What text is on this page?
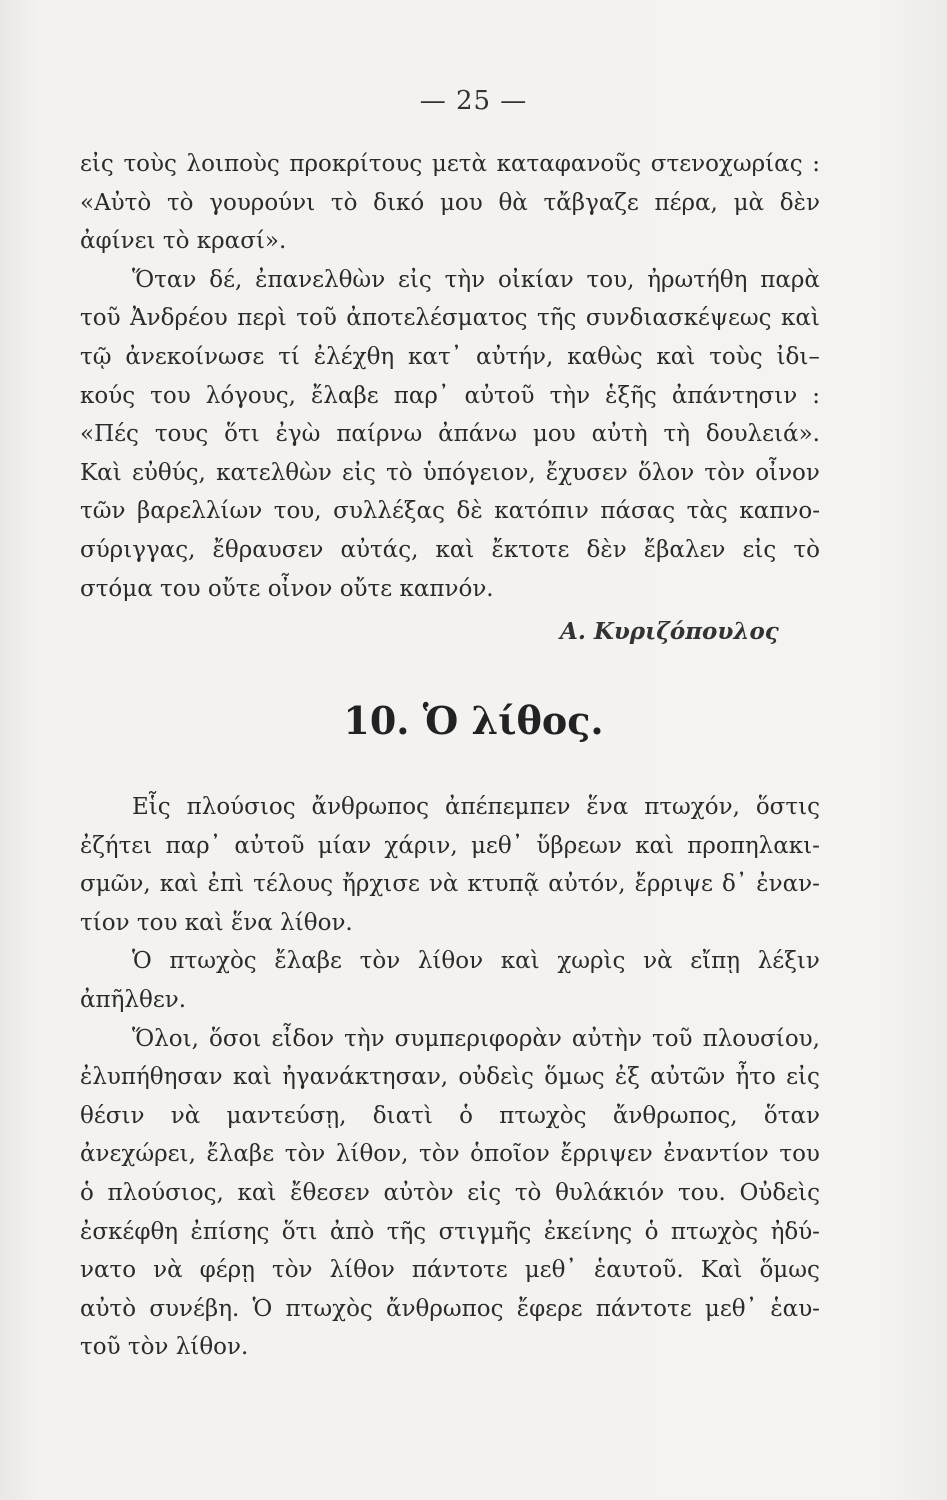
— 25 —
εἰς τοὺς λοιποὺς προκρίτους μετὰ καταφανοῦς στενοχωρίας :
«Αὐτὸ τὸ γουρούνι τὸ δικό μου θὰ τἄβγαζε πέρα, μὰ δὲν
ἀφίνει τὸ κρασί».
Ὅταν δέ, ἐπανελθὼν εἰς τὴν οἰκίαν του, ἠρωτήθη παρὰ
τοῦ Ἀνδρέου περὶ τοῦ ἀποτελέσματος τῆς συνδιασκέψεως καὶ
τῷ ἀνεκοίνωσε τί ἐλέχθη κατ᾽ αὐτήν, καθὼς καὶ τοὺς ἰδι–
κούς του λόγους, ἔλαβε παρ᾽ αὐτοῦ τὴν ἑξῆς ἀπάντησιν :
«Πές τους ὅτι ἐγὼ παίρνω ἀπάνω μου αὐτὴ τὴ δουλειά».
Καὶ εὐθύς, κατελθὼν εἰς τὸ ὑπόγειον, ἔχυσεν ὅλον τὸν οἶνον
τῶν βαρελλίων του, συλλέξας δὲ κατόπιν πάσας τὰς καπνο-
σύριγγας, ἔθραυσεν αὐτάς, καὶ ἔκτοτε δὲν ἔβαλεν εἰς τὸ
στόμα του οὔτε οἶνον οὔτε καπνόν.
Α. Κυριζόπουλος
10. Ὁ λίθος.
Εἷς πλούσιος ἄνθρωπος ἀπέπεμπεν ἕνα πτωχόν, ὅστις
ἐζήτει παρ᾽ αὐτοῦ μίαν χάριν, μεθ᾽ ὕβρεων καὶ προπηλακι-
σμῶν, καὶ ἐπὶ τέλους ἤρχισε νὰ κτυπᾷ αὐτόν, ἔρριψε δ᾽ ἐναν-
τίον του καὶ ἕνα λίθον.
Ὁ πτωχὸς ἔλαβε τὸν λίθον καὶ χωρὶς νὰ εἴπῃ λέξιν
ἀπῆλθεν.
Ὅλοι, ὅσοι εἶδον τὴν συμπεριφορὰν αὐτὴν τοῦ πλουσίου,
ἐλυπήθησαν καὶ ἠγανάκτησαν, οὐδεὶς ὅμως ἐξ αὐτῶν ἦτο εἰς
θέσιν νὰ μαντεύσῃ, διατὶ ὁ πτωχὸς ἄνθρωπος, ὅταν
ἀνεχώρει, ἔλαβε τὸν λίθον, τὸν ὁποῖον ἔρριψεν ἐναντίον του
ὁ πλούσιος, καὶ ἔθεσεν αὐτὸν εἰς τὸ θυλάκιόν του. Οὐδεὶς
ἐσκέφθη ἐπίσης ὅτι ἀπὸ τῆς στιγμῆς ἐκείνης ὁ πτωχὸς ἠδύ-
νατο νὰ φέρῃ τὸν λίθον πάντοτε μεθ᾽ ἑαυτοῦ. Καὶ ὅμως
αὐτὸ συνέβη. Ὁ πτωχὸς ἄνθρωπος ἔφερε πάντοτε μεθ᾽ ἑαυ-
τοῦ τὸν λίθον.
